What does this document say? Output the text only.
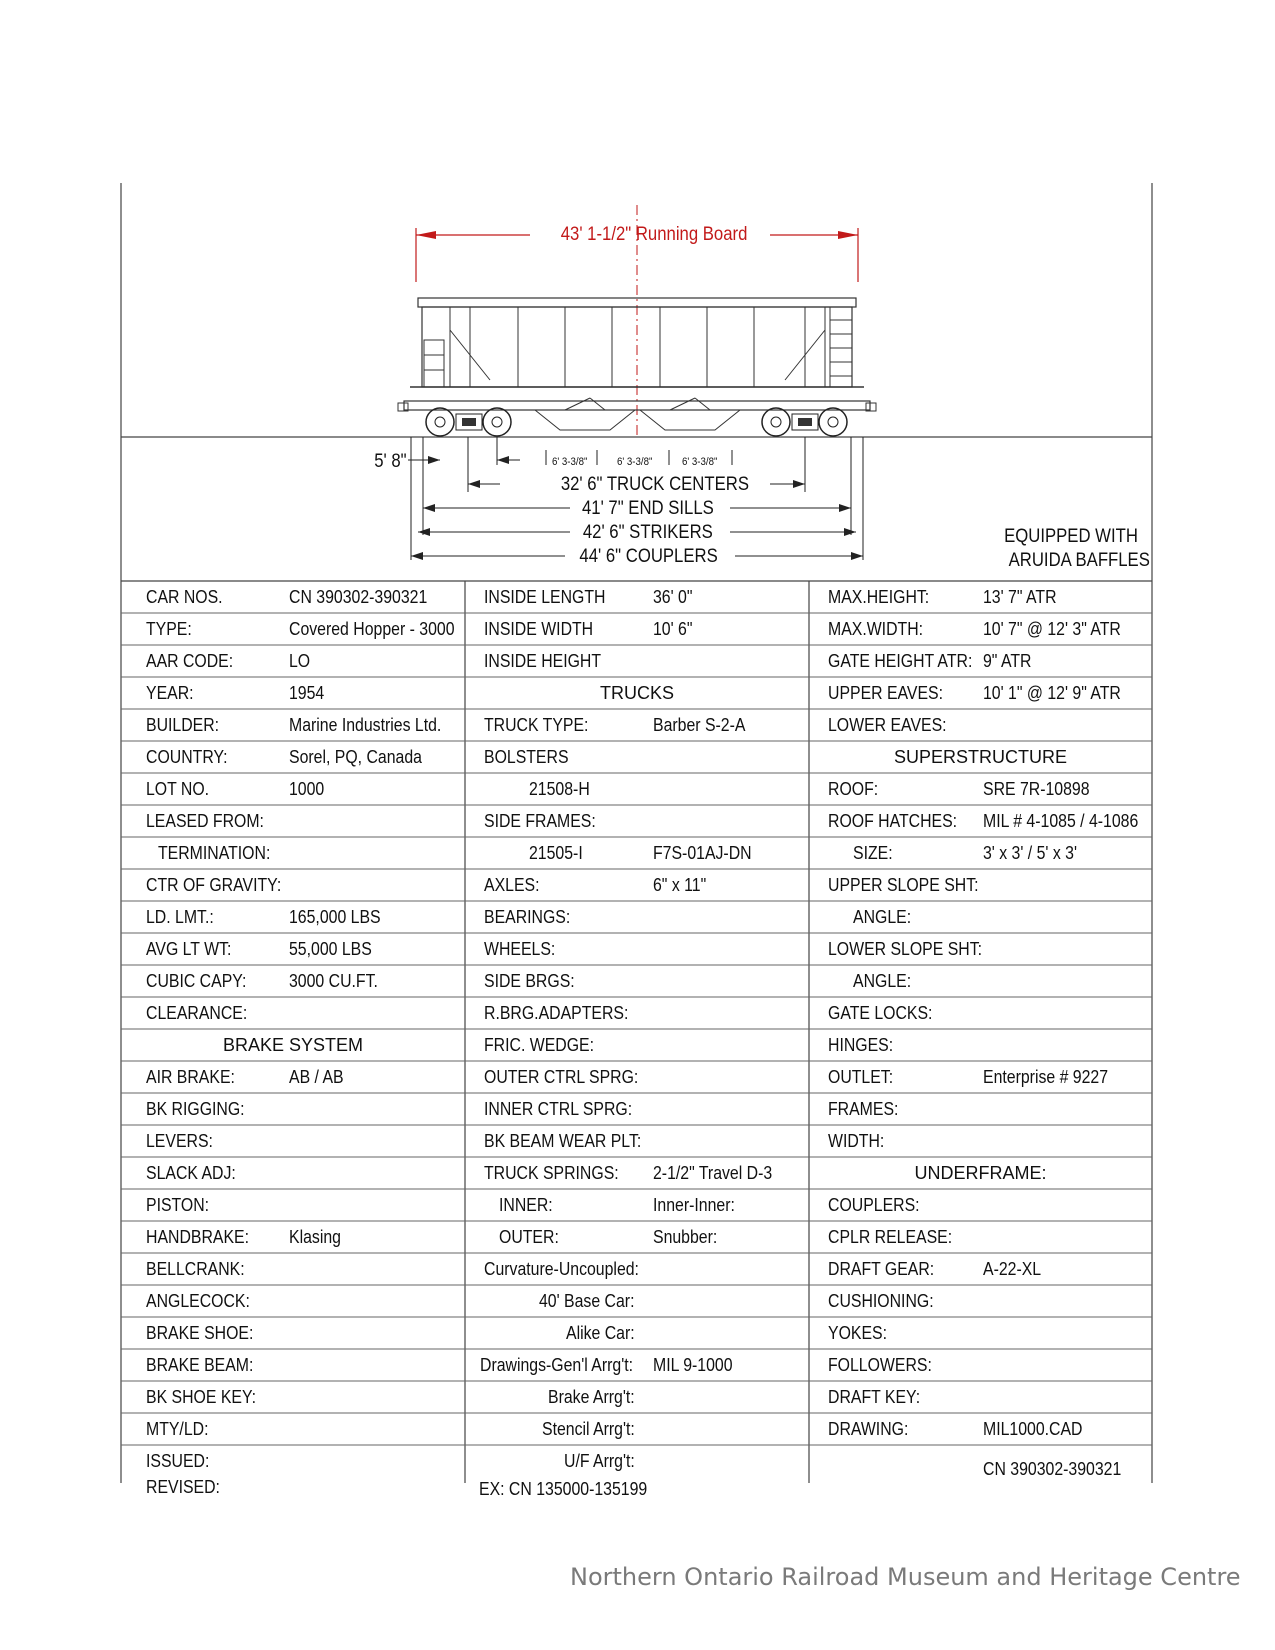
43' 1-1/2" Running Board
5' 8"	6' 3-3/8"	6' 3-3/8"	6' 3-3/8"
32' 6" TRUCK CENTERS
41' 7" END SILLS
42' 6" STRIKERS
44' 6" COUPLERS
EQUIPPED WITH
ARUIDA BAFFLES
CAR NOS.	CN 390302-390321
TYPE:	Covered Hopper - 3000
AAR CODE:	LO
YEAR:	1954
BUILDER:	Marine Industries Ltd.
COUNTRY:	Sorel, PQ, Canada
LOT NO.	1000
LEASED FROM:
TERMINATION:
CTR OF GRAVITY:
LD. LMT.:	165,000 LBS
AVG LT WT:	55,000 LBS
CUBIC CAPY: 3000 CU.FT.
CLEARANCE:
BRAKE SYSTEM
AIR BRAKE:	AB / AB
BK RIGGING:
LEVERS:
SLACK ADJ:
PISTON:
HANDBRAKE: Klasing
BELLCRANK:
ANGLECOCK:
BRAKE SHOE:
BRAKE BEAM:
BK SHOE KEY:
MTY/LD:
ISSUED:
REVISED:
INSIDE LENGTH	36' 0"
INSIDE WIDTH	10' 6"
INSIDE HEIGHT
TRUCKS
TRUCK TYPE:	Barber S-2-A
BOLSTERS
21508-H
SIDE FRAMES:
21505-I	F7S-01AJ-DN
AXLES:	6" x 11"
BEARINGS:
WHEELS:
SIDE BRGS:
R.BRG.ADAPTERS:
FRIC. WEDGE:
OUTER CTRL SPRG:
INNER CTRL SPRG:
BK BEAM WEAR PLT:
TRUCK SPRINGS: 2-1/2" Travel D-3
INNER:	Inner-Inner:
OUTER:	Snubber:
Curvature-Uncoupled:
40' Base Car:
Alike Car:
Drawings-Gen'l Arrg't: MIL 9-1000
Brake Arrg't:
Stencil Arrg't:
U/F Arrg't:
EX: CN 135000-135199
MAX.HEIGHT:	13' 7" ATR
MAX.WIDTH:	10' 7" @ 12' 3" ATR
GATE HEIGHT ATR: 9" ATR
UPPER EAVES: 10' 1" @ 12' 9" ATR
LOWER EAVES:
SUPERSTRUCTURE
ROOF:	SRE 7R-10898
ROOF HATCHES: MIL # 4-1085 / 4-1086
SIZE:	3' x 3' / 5' x 3'
UPPER SLOPE SHT:
ANGLE:
LOWER SLOPE SHT:
ANGLE:
GATE LOCKS:
HINGES:
OUTLET:	Enterprise # 9227
FRAMES:
WIDTH:
UNDERFRAME:
COUPLERS:
CPLR RELEASE:
DRAFT GEAR:	A-22-XL
CUSHIONING:
YOKES:
FOLLOWERS:
DRAFT KEY:
DRAWING:	MIL1000.CAD
CN 390302-390321
Northern Ontario Railroad Museum and Heritage Centre
